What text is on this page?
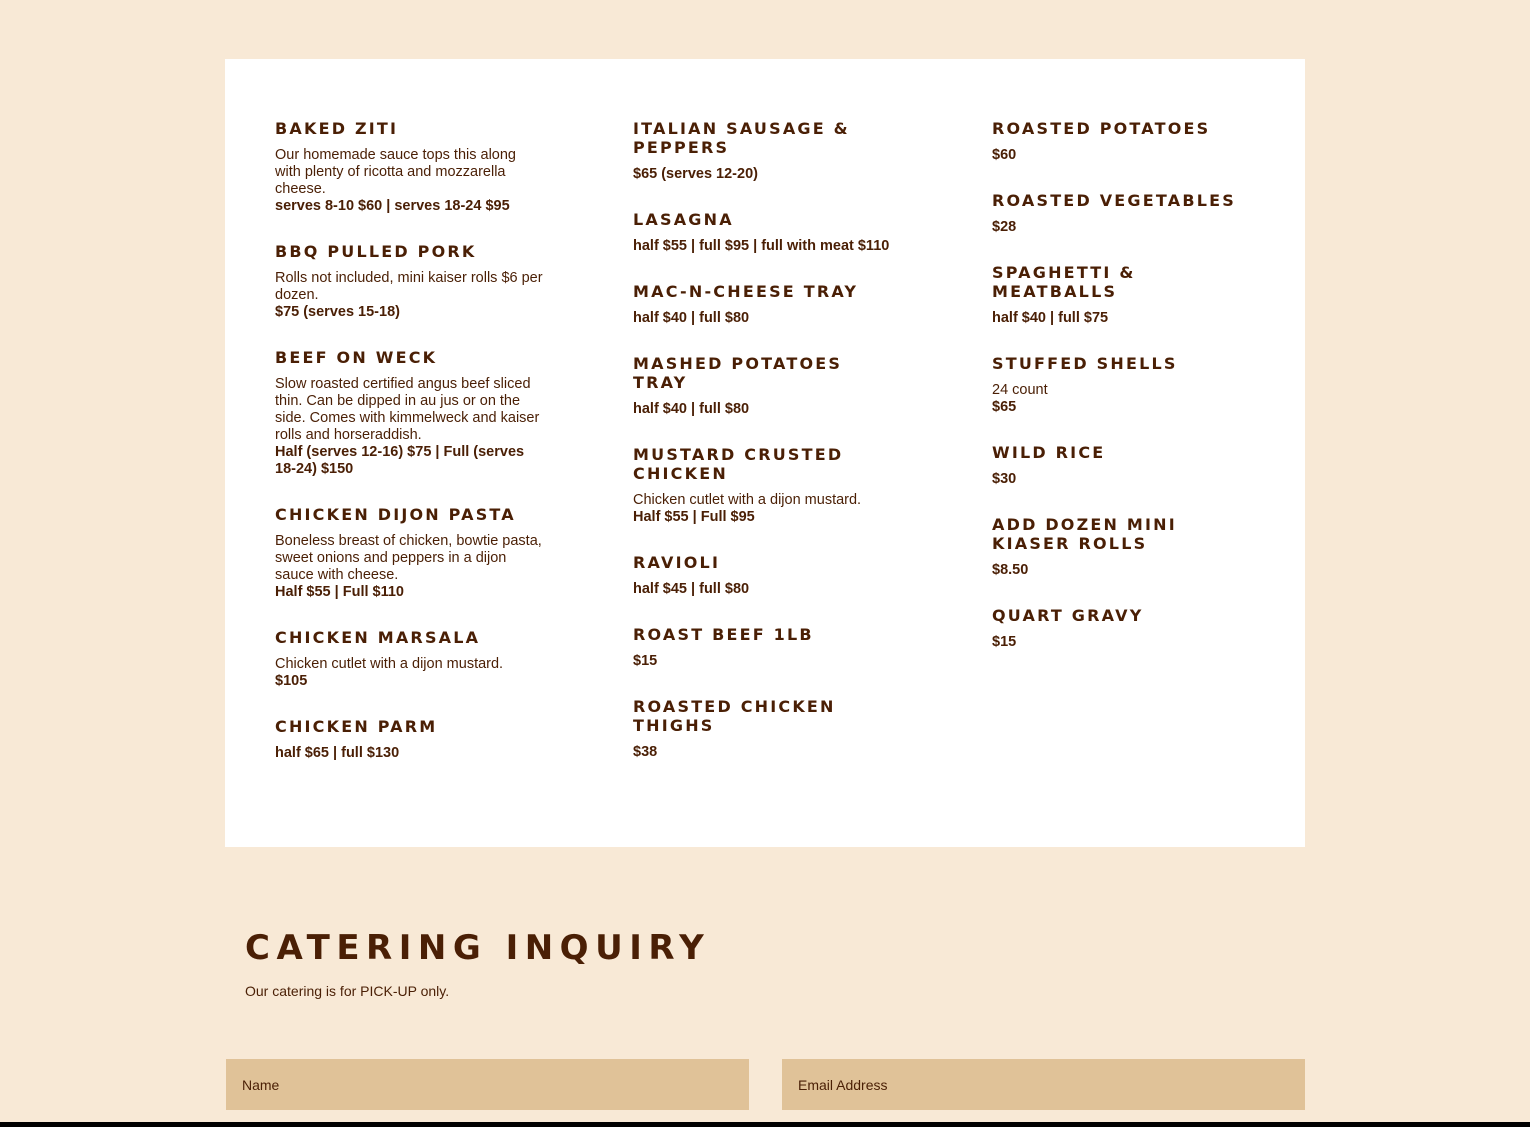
BAKED ZITI

Our homemade sauce tops this along with plenty of ricotta and mozzarella cheese.

serves 8-10 $60 | serves 18-24 $95

BBQ PULLED PORK

Rolls not included, mini kaiser rolls $6 per dozen.

$75 (serves 15-18)

BEEF ON WECK

Slow roasted certified angus beef sliced thin. Can be dipped in au jus or on the side. Comes with kimmelweck and kaiser rolls and horseraddish.

Half (serves 12-16) $75 | Full (serves 18-24) $150

CHICKEN DIJON PASTA

Boneless breast of chicken, bowtie pasta, sweet onions and peppers in a dijon sauce with cheese.

Half $55 | Full $110

CHICKEN MARSALA

Chicken cutlet with a dijon mustard.

$105

CHICKEN PARM

half $65 | full $130

ITALIAN SAUSAGE & PEPPERS

$65 (serves 12-20)

LASAGNA

half $55 | full $95 | full with meat $110

MAC-N-CHEESE TRAY

half $40 | full $80

MASHED POTATOES TRAY

half $40 | full $80

MUSTARD CRUSTED CHICKEN

Chicken cutlet with a dijon mustard.

Half $55 | Full $95

RAVIOLI

half $45 | full $80

ROAST BEEF 1LB

$15

ROASTED CHICKEN THIGHS

$38

ROASTED POTATOES

$60

ROASTED VEGETABLES

$28

SPAGHETTI & MEATBALLS

half $40 | full $75

STUFFED SHELLS

24 count

$65

WILD RICE

$30

ADD DOZEN MINI KIASER ROLLS

$8.50

QUART GRAVY

$15

CATERING INQUIRY

Our catering is for PICK-UP only.

Name
Email Address
